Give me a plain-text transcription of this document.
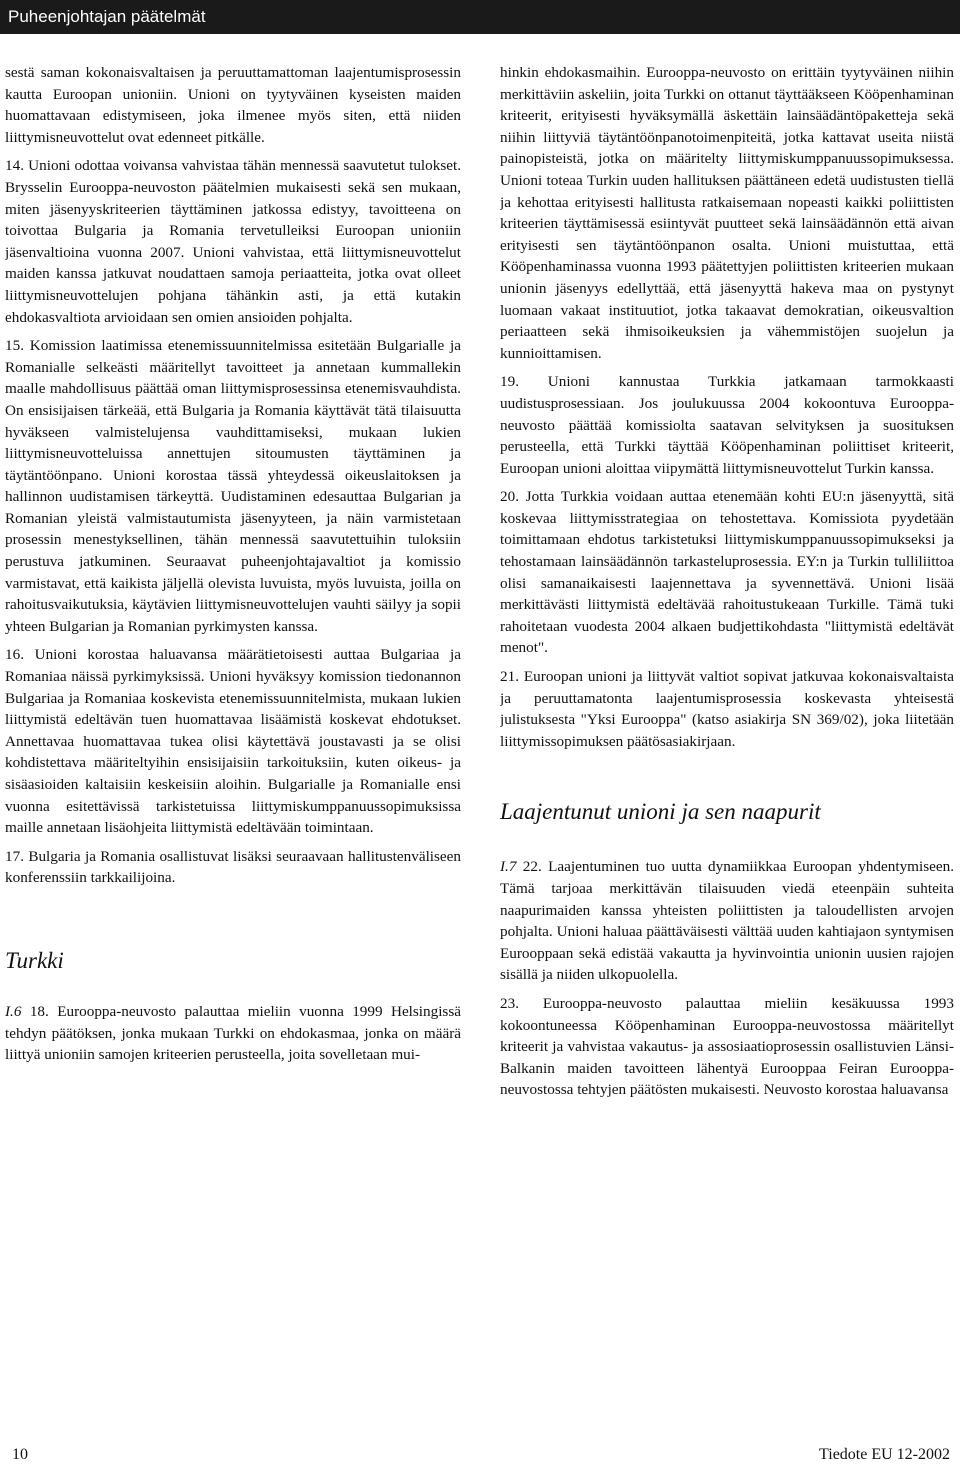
Puheenjohtajan päätelmät

sestä saman kokonaisvaltaisen ja peruuttamattoman laajentumisprosessin kautta Euroopan unioniin. Unioni on tyytyväinen kyseisten maiden huomattavaan edistymiseen, joka ilmenee myös siten, että niiden liittymisneuvottelut ovat edenneet pitkälle.

14. Unioni odottaa voivansa vahvistaa tähän mennessä saavutetut tulokset. Brysselin Eurooppa-neuvoston päätelmien mukaisesti sekä sen mukaan, miten jäsenyyskriteerien täyttäminen jatkossa edistyy, tavoitteena on toivottaa Bulgaria ja Romania tervetulleiksi Euroopan unioniin jäsenvaltioina vuonna 2007. Unioni vahvistaa, että liittymisneuvottelut maiden kanssa jatkuvat noudattaen samoja periaatteita, jotka ovat olleet liittymisneuvottelujen pohjana tähänkin asti, ja että kutakin ehdokasvaltiota arvioidaan sen omien ansioiden pohjalta.

15. Komission laatimissa etenemissuunnitelmissa esitetään Bulgarialle ja Romanialle selkeästi määritellyt tavoitteet ja annetaan kummallekin maalle mahdollisuus päättää oman liittymisprosessinsa etenemisvauhdista. On ensisijaisen tärkeää, että Bulgaria ja Romania käyttävät tätä tilaisuutta hyväkseen valmistelujensa vauhdittamiseksi, mukaan lukien liittymisneuvotteluissa annettujen sitoumusten täyttäminen ja täytäntöönpano. Unioni korostaa tässä yhteydessä oikeuslaitoksen ja hallinnon uudistamisen tärkeyttä. Uudistaminen edesauttaa Bulgarian ja Romanian yleistä valmistautumista jäsenyyteen, ja näin varmistetaan prosessin menestyksellinen, tähän mennessä saavutettuihin tuloksiin perustuva jatkuminen. Seuraavat puheenjohtajavaltiot ja komissio varmistavat, että kaikista jäljellä olevista luvuista, myös luvuista, joilla on rahoitusvaikutuksia, käytävien liittymisneuvottelujen vauhti säilyy ja sopii yhteen Bulgarian ja Romanian pyrkimysten kanssa.

16. Unioni korostaa haluavansa määrätietoisesti auttaa Bulgariaa ja Romaniaa näissä pyrkimyksissä. Unioni hyväksyy komission tiedonannon Bulgariaa ja Romaniaa koskevista etenemissuunnitelmista, mukaan lukien liittymistä edeltävän tuen huomattavaa lisäämistä koskevat ehdotukset. Annettavaa huomattavaa tukea olisi käytettävä joustavasti ja se olisi kohdistettava määriteltyihin ensisijaisiin tarkoituksiin, kuten oikeus- ja sisäasioiden kaltaisiin keskeisiin aloihin. Bulgarialle ja Romanialle ensi vuonna esitettävissä tarkistetuissa liittymiskumppanuussopimuksissa maille annetaan lisäohjeita liittymistä edeltävään toimintaan.

17. Bulgaria ja Romania osallistuvat lisäksi seuraavaan hallitustenväliseen konferenssiin tarkkailijoina.

Turkki

I.6 18. Eurooppa-neuvosto palauttaa mieliin vuonna 1999 Helsingissä tehdyn päätöksen, jonka mukaan Turkki on ehdokasmaa, jonka on määrä liittyä unioniin samojen kriteerien perusteella, joita sovelletaan mui-

hinkin ehdokasmaihin. Eurooppa-neuvosto on erittäin tyytyväinen niihin merkittäviin askeliin, joita Turkki on ottanut täyttääkseen Kööpenhaminan kriteerit, erityisesti hyväksymällä äskettäin lainsäädäntöpaketteja sekä niihin liittyviä täytäntöönpanotoimenpiteitä, jotka kattavat useita niistä painopisteistä, jotka on määritelty liittymiskumppanuussopimuksessa. Unioni toteaa Turkin uuden hallituksen päättäneen edetä uudistusten tiellä ja kehottaa erityisesti hallitusta ratkaisemaan nopeasti kaikki poliittisten kriteerien täyttämisessä esiintyvät puutteet sekä lainsäädännön että aivan erityisesti sen täytäntöönpanon osalta. Unioni muistuttaa, että Kööpenhaminassa vuonna 1993 päätettyjen poliittisten kriteerien mukaan unionin jäsenyys edellyttää, että jäsenyyttä hakeva maa on pystynyt luomaan vakaat instituutiot, jotka takaavat demokratian, oikeusvaltion periaatteen sekä ihmisoikeuksien ja vähemmistöjen suojelun ja kunnioittamisen.

19. Unioni kannustaa Turkkia jatkamaan tarmokkaasti uudistusprosessiaan. Jos joulukuussa 2004 kokoontuva Eurooppa-neuvosto päättää komissiolta saatavan selvityksen ja suosituksen perusteella, että Turkki täyttää Kööpenhaminan poliittiset kriteerit, Euroopan unioni aloittaa viipymättä liittymisneuvottelut Turkin kanssa.

20. Jotta Turkkia voidaan auttaa etenemään kohti EU:n jäsenyyttä, sitä koskevaa liittymisstrategiaa on tehostettava. Komissiota pyydetään toimittamaan ehdotus tarkistetuksi liittymiskumppanuussopimukseksi ja tehostamaan lainsäädännön tarkasteluprosessia. EY:n ja Turkin tulliliittoa olisi samanaikaisesti laajennettava ja syvennettävä. Unioni lisää merkittävästi liittymistä edeltävää rahoitustukeaan Turkille. Tämä tuki rahoitetaan vuodesta 2004 alkaen budjettikohdasta "liittymistä edeltävät menot".

21. Euroopan unioni ja liittyvät valtiot sopivat jatkuvaa kokonaisvaltaista ja peruuttamatonta laajentumisprosessia koskevasta yhteisestä julistuksesta "Yksi Eurooppa" (katso asiakirja SN 369/02), joka liitetään liittymissopimuksen päätösasiakirjaan.

Laajentunut unioni ja sen naapurit

I.7 22. Laajentuminen tuo uutta dynamiikkaa Euroopan yhdentymiseen. Tämä tarjoaa merkittävän tilaisuuden viedä eteenpäin suhteita naapurimaiden kanssa yhteisten poliittisten ja taloudellisten arvojen pohjalta. Unioni haluaa päättäväisesti välttää uuden kahtiajaon syntymisen Eurooppaan sekä edistää vakautta ja hyvinvointia unionin uusien rajojen sisällä ja niiden ulkopuolella.

23. Eurooppa-neuvosto palauttaa mieliin kesäkuussa 1993 kokoontuneessa Kööpenhaminan Eurooppa-neuvostossa määritellyt kriteerit ja vahvistaa vakautus- ja assosiaatioprosessin osallistuvien Länsi-Balkanin maiden tavoitteen lähentyä Eurooppaa Feiran Eurooppa-neuvostossa tehtyjen päätösten mukaisesti. Neuvosto korostaa haluavansa

10	Tiedote EU 12-2002
